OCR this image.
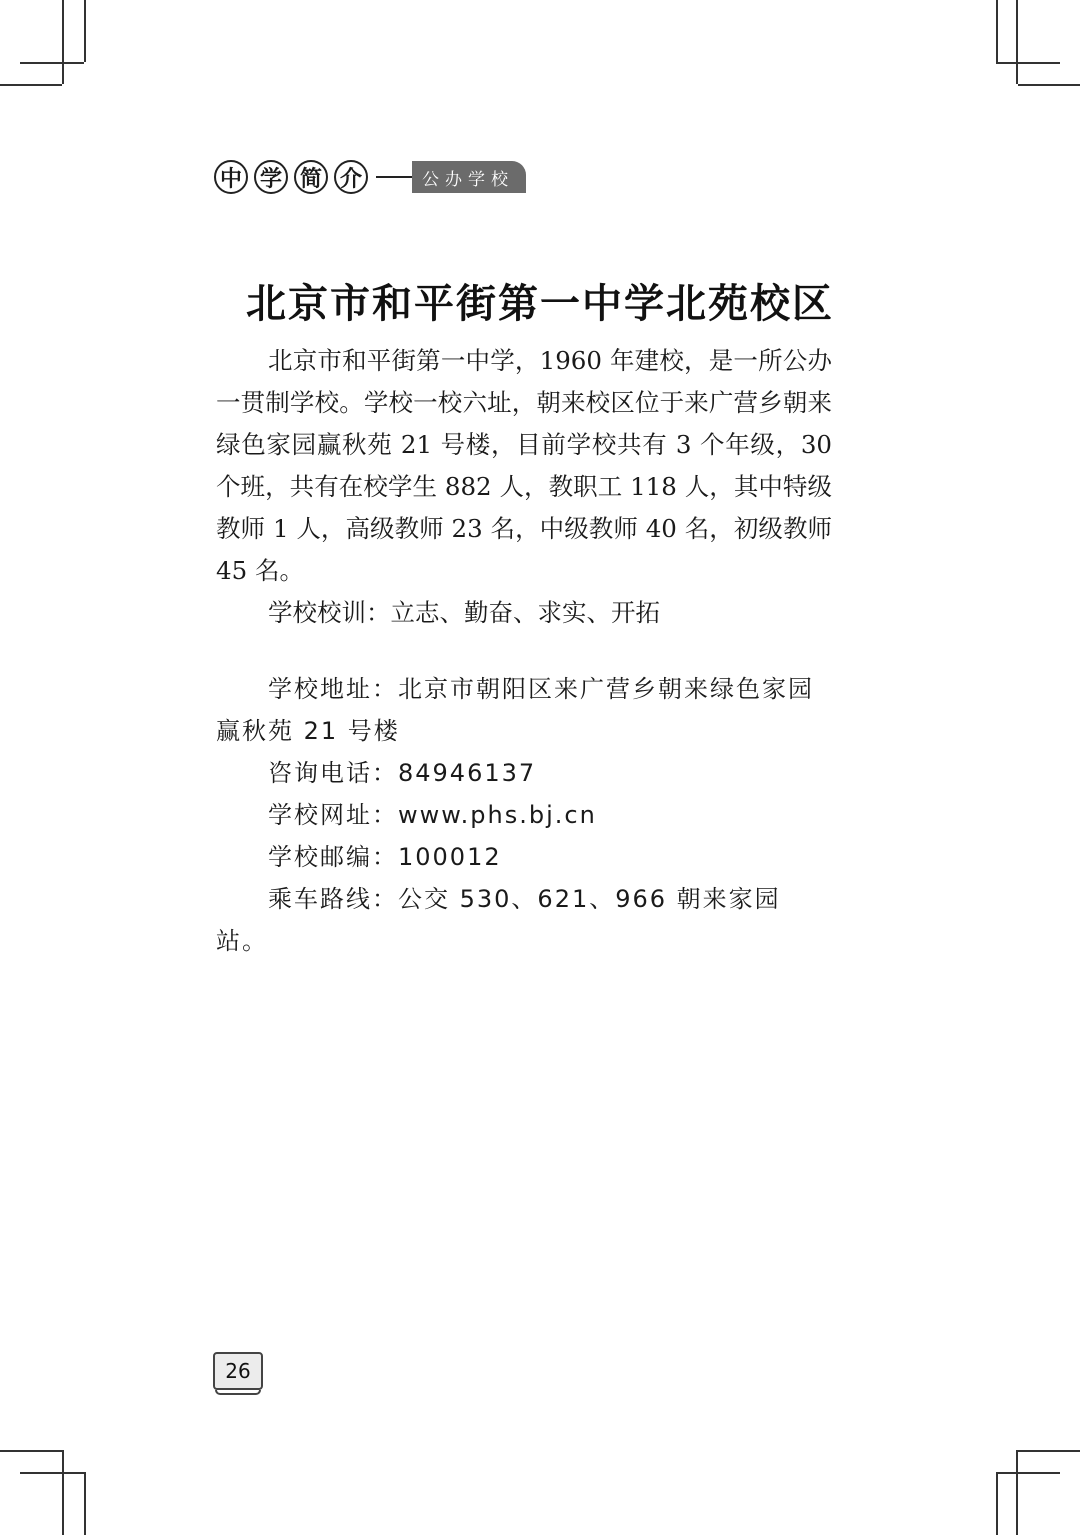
中 学 简 介	公办学校
北京市和平街第一中学北苑校区

北京市和平街第一中学，1960 年建校，是一所公办一贯制学校。学校一校六址，朝来校区位于来广营乡朝来绿色家园赢秋苑 21 号楼，目前学校共有 3 个年级，30 个班，共有在校学生 882 人，教职工 118 人，其中特级教师 1 人，高级教师 23 名，中级教师 40 名，初级教师 45 名。

学校校训：立志、勤奋、求实、开拓

学校地址：北京市朝阳区来广营乡朝来绿色家园赢秋苑 21 号楼

咨询电话：84946137

学校网址：www.phs.bj.cn

学校邮编：100012

乘车路线：公交 530、621、966 朝来家园站。

26
